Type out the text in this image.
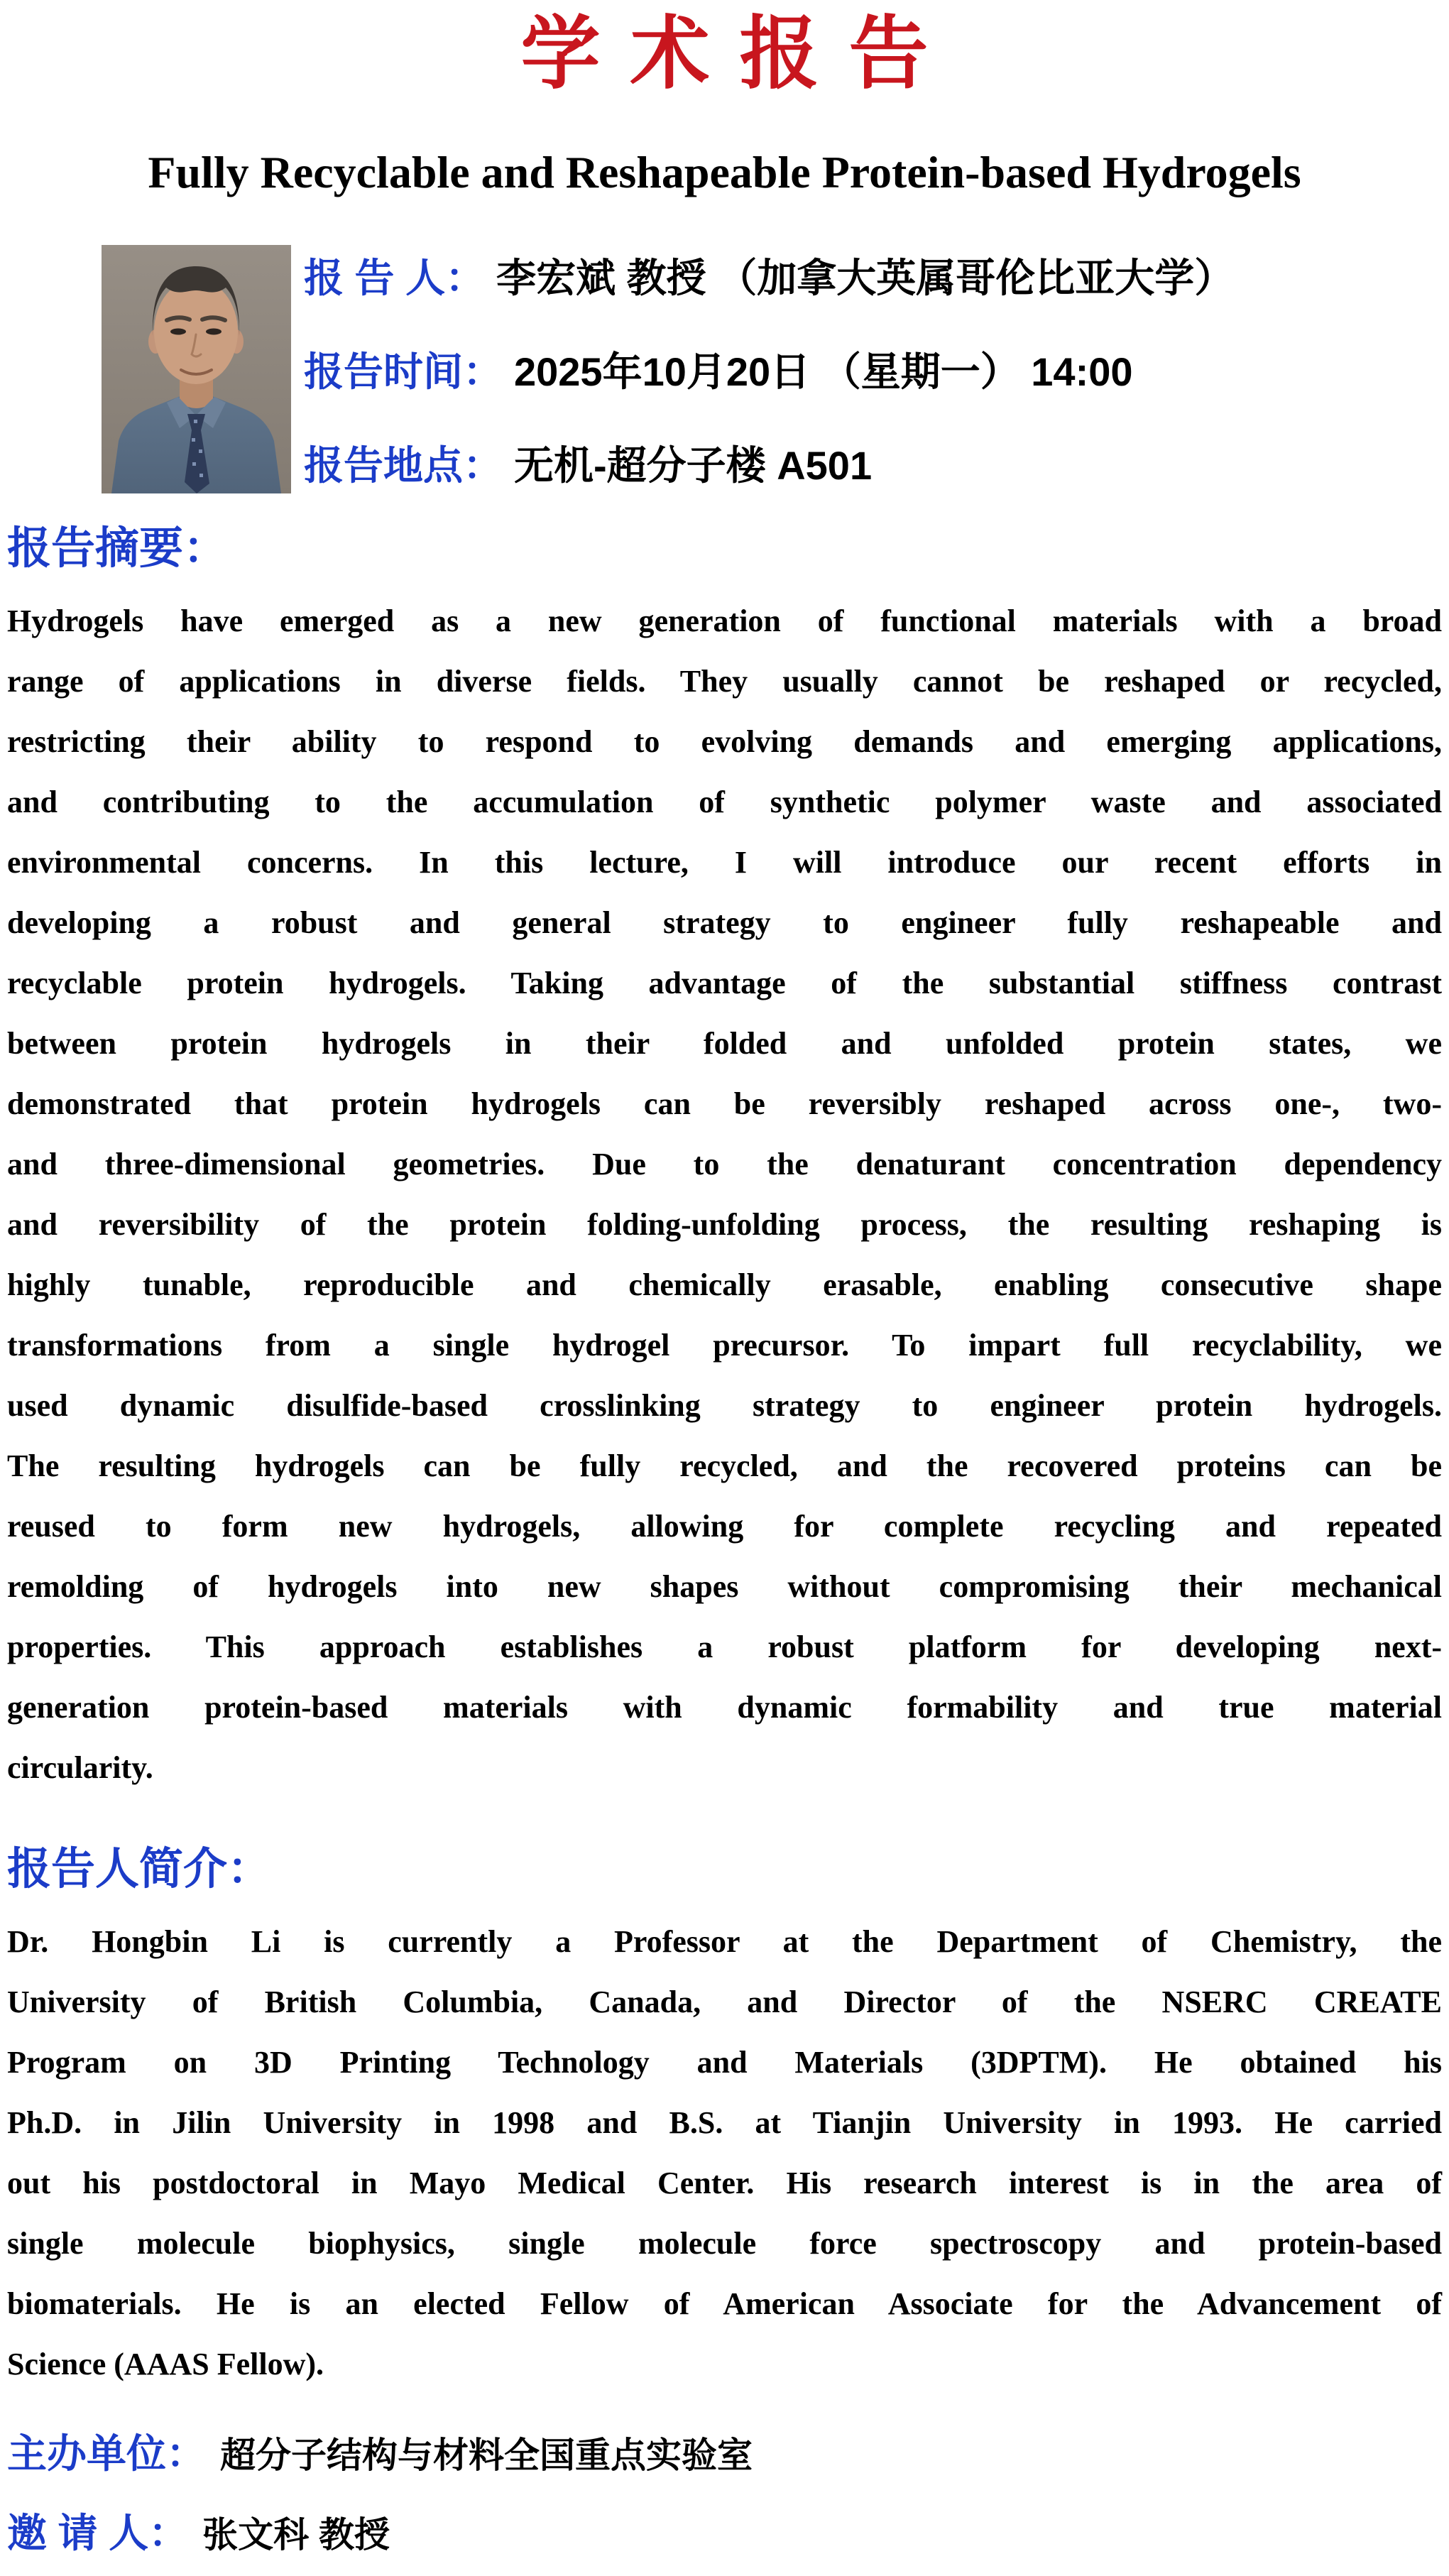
学术报告
Fully Recyclable and Reshapeable Protein-based Hydrogels
报 告 人： 李宏斌 教授 （加拿大英属哥伦比亚大学）
报告时间： 2025年10月20日 （星期一） 14:00
报告地点： 无机-超分子楼 A501
报告摘要：
Hydrogels have emerged as a new generation of functional materials with a broad
range of applications in diverse fields. They usually cannot be reshaped or recycled,
restricting their ability to respond to evolving demands and emerging applications,
and contributing to the accumulation of synthetic polymer waste and associated
environmental concerns. In this lecture, I will introduce our recent efforts in
developing a robust and general strategy to engineer fully reshapeable and
recyclable protein hydrogels. Taking advantage of the substantial stiffness contrast
between protein hydrogels in their folded and unfolded protein states, we
demonstrated that protein hydrogels can be reversibly reshaped across one-, two-
and three-dimensional geometries. Due to the denaturant concentration dependency
and reversibility of the protein folding-unfolding process, the resulting reshaping is
highly tunable, reproducible and chemically erasable, enabling consecutive shape
transformations from a single hydrogel precursor. To impart full recyclability, we
used dynamic disulfide-based crosslinking strategy to engineer protein hydrogels.
The resulting hydrogels can be fully recycled, and the recovered proteins can be
reused to form new hydrogels, allowing for complete recycling and repeated
remolding of hydrogels into new shapes without compromising their mechanical
properties. This approach establishes a robust platform for developing next-
generation protein-based materials with dynamic formability and true material
circularity.
报告人简介：
Dr. Hongbin Li is currently a Professor at the Department of Chemistry, the
University of British Columbia, Canada, and Director of the NSERC CREATE
Program on 3D Printing Technology and Materials (3DPTM). He obtained his
Ph.D. in Jilin University in 1998 and B.S. at Tianjin University in 1993. He carried
out his postdoctoral in Mayo Medical Center. His research interest is in the area of
single molecule biophysics, single molecule force spectroscopy and protein-based
biomaterials. He is an elected Fellow of American Associate for the Advancement of
Science (AAAS Fellow).
主办单位： 超分子结构与材料全国重点实验室
邀 请 人： 张文科 教授
